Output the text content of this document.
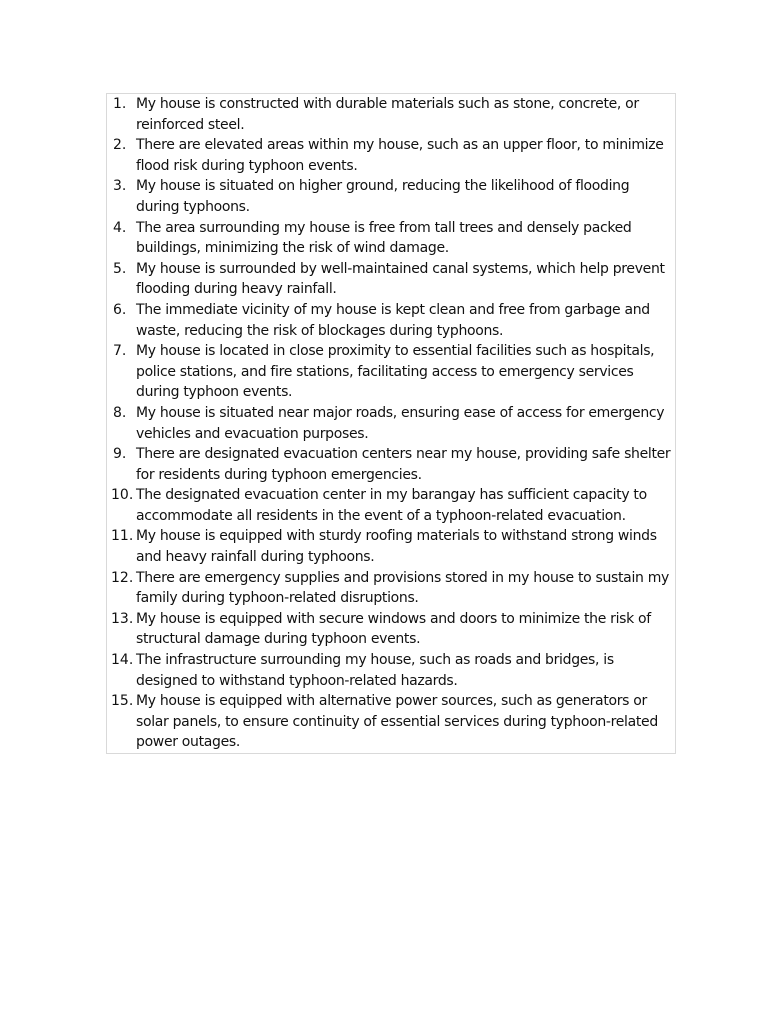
1. My house is constructed with durable materials such as stone, concrete, or reinforced steel.
2. There are elevated areas within my house, such as an upper floor, to minimize flood risk during typhoon events.
3. My house is situated on higher ground, reducing the likelihood of flooding during typhoons.
4. The area surrounding my house is free from tall trees and densely packed buildings, minimizing the risk of wind damage.
5. My house is surrounded by well-maintained canal systems, which help prevent flooding during heavy rainfall.
6. The immediate vicinity of my house is kept clean and free from garbage and waste, reducing the risk of blockages during typhoons.
7. My house is located in close proximity to essential facilities such as hospitals, police stations, and fire stations, facilitating access to emergency services during typhoon events.
8. My house is situated near major roads, ensuring ease of access for emergency vehicles and evacuation purposes.
9. There are designated evacuation centers near my house, providing safe shelter for residents during typhoon emergencies.
10. The designated evacuation center in my barangay has sufficient capacity to accommodate all residents in the event of a typhoon-related evacuation.
11. My house is equipped with sturdy roofing materials to withstand strong winds and heavy rainfall during typhoons.
12. There are emergency supplies and provisions stored in my house to sustain my family during typhoon-related disruptions.
13. My house is equipped with secure windows and doors to minimize the risk of structural damage during typhoon events.
14. The infrastructure surrounding my house, such as roads and bridges, is designed to withstand typhoon-related hazards.
15. My house is equipped with alternative power sources, such as generators or solar panels, to ensure continuity of essential services during typhoon-related power outages.
